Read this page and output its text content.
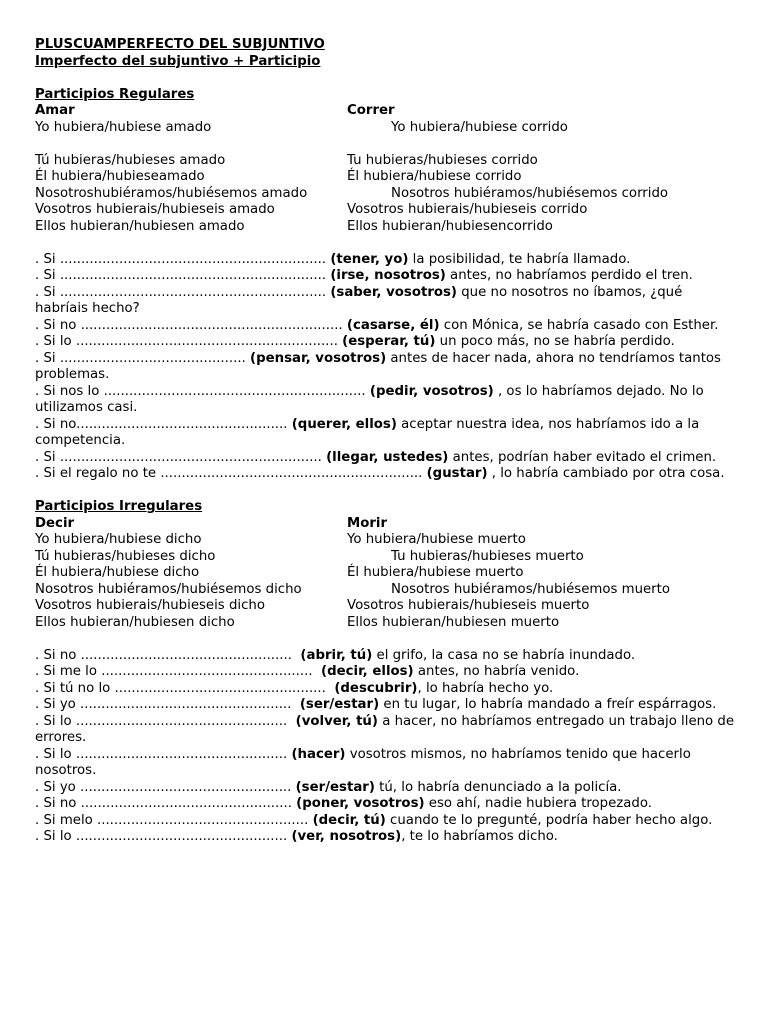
PLUSCUAMPERFECTO DEL SUBJUNTIVO
Imperfecto del subjuntivo + Participio
Participios Regulares
Amar	Correr
Yo hubiera/hubiese amado	Yo hubiera/hubiese corrido
Tú hubieras/hubieses amado	Tu hubieras/hubieses corrido
Él hubiera/hubieseamado	Él hubiera/hubiese corrido
Nosotroshubiéramos/hubiésemos amado	Nosotros hubiéramos/hubiésemos corrido
Vosotros hubierais/hubieseis amado	Vosotros hubierais/hubieseis corrido
Ellos hubieran/hubiesen amado	Ellos hubieran/hubiesencorrido

. Si ............................................................... (tener, yo) la posibilidad, te habría llamado.

. Si ............................................................... (irse, nosotros) antes, no habríamos perdido el tren.

. Si ............................................................... (saber, vosotros) que no nosotros no íbamos, ¿qué habríais hecho?

. Si no .............................................................. (casarse, él) con Mónica, se habría casado con Esther.

. Si lo .............................................................. (esperar, tú) un poco más, no se habría perdido.

. Si ............................................ (pensar, vosotros) antes de hacer nada, ahora no tendríamos tantos problemas.

. Si nos lo .............................................................. (pedir, vosotros) , os lo habríamos dejado. No lo utilizamos casi.

. Si no.................................................. (querer, ellos) aceptar nuestra idea, nos habríamos ido a la competencia.

. Si .............................................................. (llegar, ustedes) antes, podrían haber evitado el crimen.

. Si el regalo no te .............................................................. (gustar) , lo habría cambiado por otra cosa.

Participios Irregulares
Decir	Morir
Yo hubiera/hubiese dicho	Yo hubiera/hubiese muerto
Tú hubieras/hubieses dicho	Tu hubieras/hubieses muerto
Él hubiera/hubiese dicho	Él hubiera/hubiese muerto
Nosotros hubiéramos/hubiésemos dicho	Nosotros hubiéramos/hubiésemos muerto
Vosotros hubierais/hubieseis dicho	Vosotros hubierais/hubieseis muerto
Ellos hubieran/hubiesen dicho	Ellos hubieran/hubiesen muerto

. Si no ..................................................  (abrir, tú) el grifo, la casa no se habría inundado.

. Si me lo ..................................................  (decir, ellos) antes, no habría venido.

. Si tú no lo ..................................................  (descubrir), lo habría hecho yo.

. Si yo ..................................................  (ser/estar) en tu lugar, lo habría mandado a freír espárragos.

. Si lo ..................................................  (volver, tú) a hacer, no habríamos entregado un trabajo lleno de errores.

. Si lo .................................................. (hacer) vosotros mismos, no habríamos tenido que hacerlo nosotros.

. Si yo .................................................. (ser/estar) tú, lo habría denunciado a la policía.

. Si no .................................................. (poner, vosotros) eso ahí, nadie hubiera tropezado.

. Si melo .................................................. (decir, tú) cuando te lo pregunté, podría haber hecho algo.

. Si lo .................................................. (ver, nosotros), te lo habríamos dicho.
